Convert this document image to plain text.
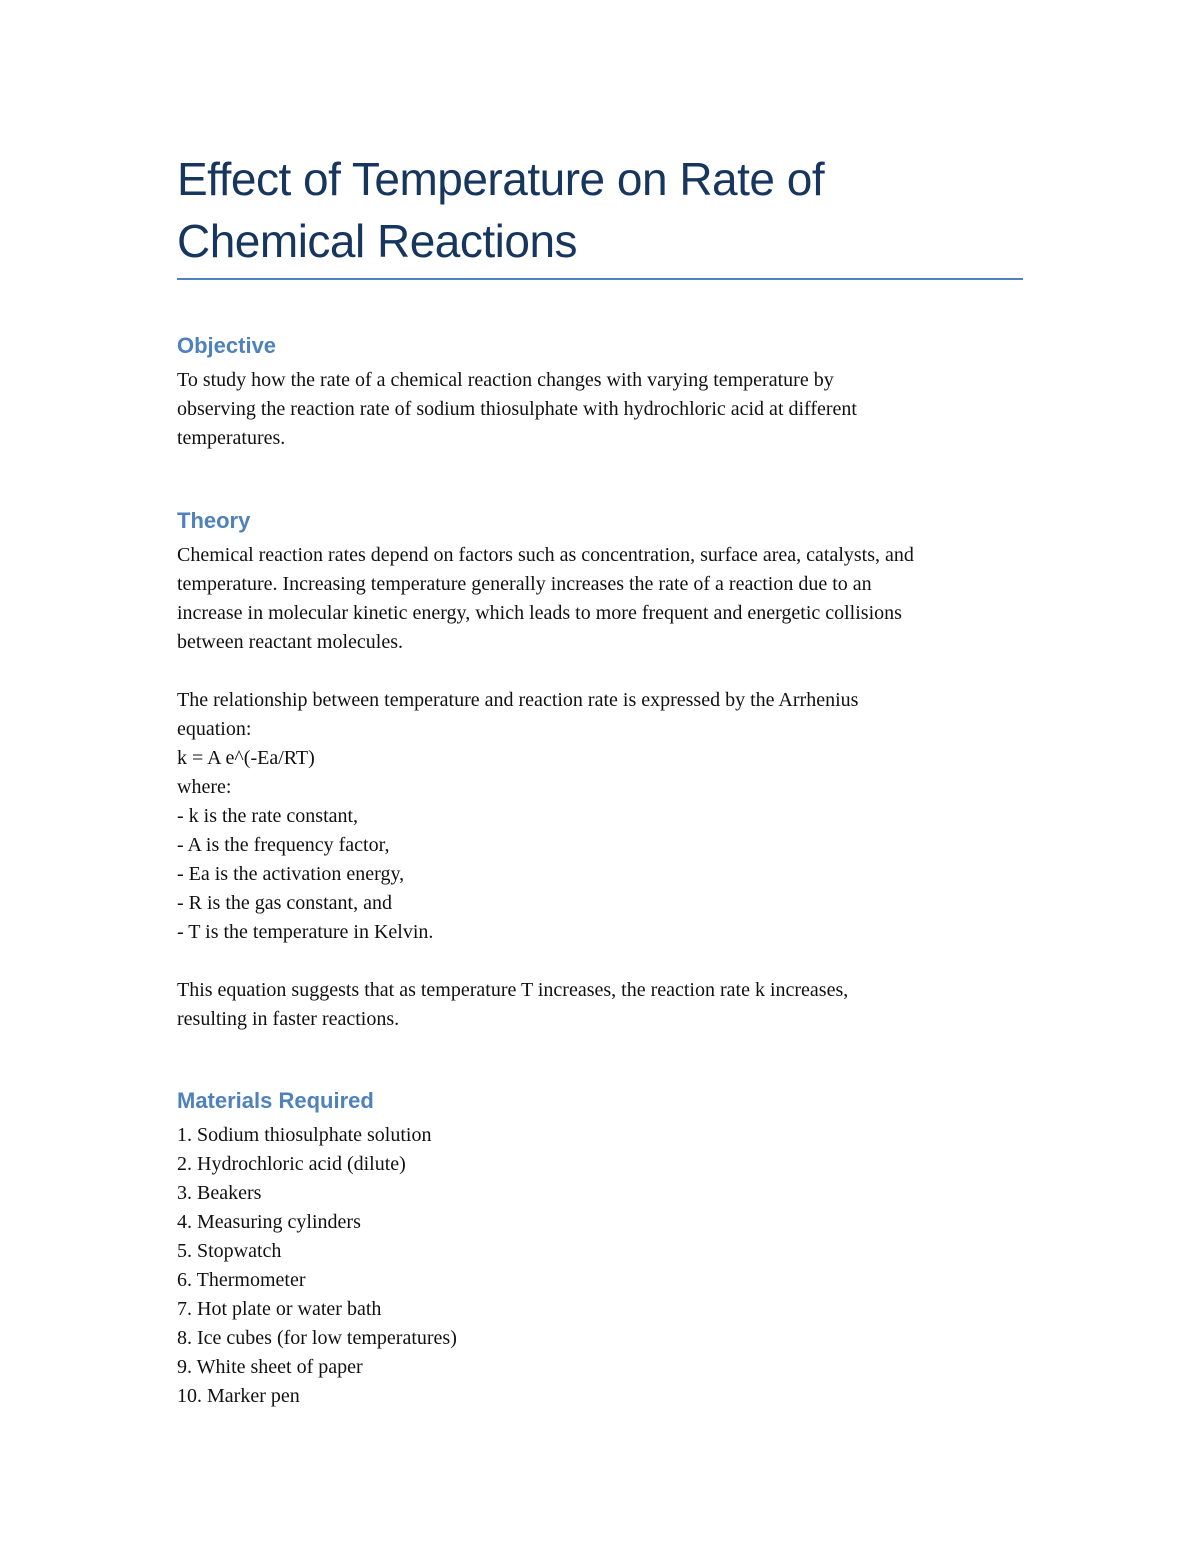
Effect of Temperature on Rate of
Chemical Reactions
Objective

To study how the rate of a chemical reaction changes with varying temperature by
observing the reaction rate of sodium thiosulphate with hydrochloric acid at different
temperatures.

Theory

Chemical reaction rates depend on factors such as concentration, surface area, catalysts, and
temperature. Increasing temperature generally increases the rate of a reaction due to an
increase in molecular kinetic energy, which leads to more frequent and energetic collisions
between reactant molecules.

The relationship between temperature and reaction rate is expressed by the Arrhenius
equation:
k = A e^(-Ea/RT)
where:
- k is the rate constant,
- A is the frequency factor,
- Ea is the activation energy,
- R is the gas constant, and
- T is the temperature in Kelvin.

This equation suggests that as temperature T increases, the reaction rate k increases,
resulting in faster reactions.

Materials Required
1. Sodium thiosulphate solution
2. Hydrochloric acid (dilute)
3. Beakers
4. Measuring cylinders
5. Stopwatch
6. Thermometer
7. Hot plate or water bath
8. Ice cubes (for low temperatures)
9. White sheet of paper
10. Marker pen
